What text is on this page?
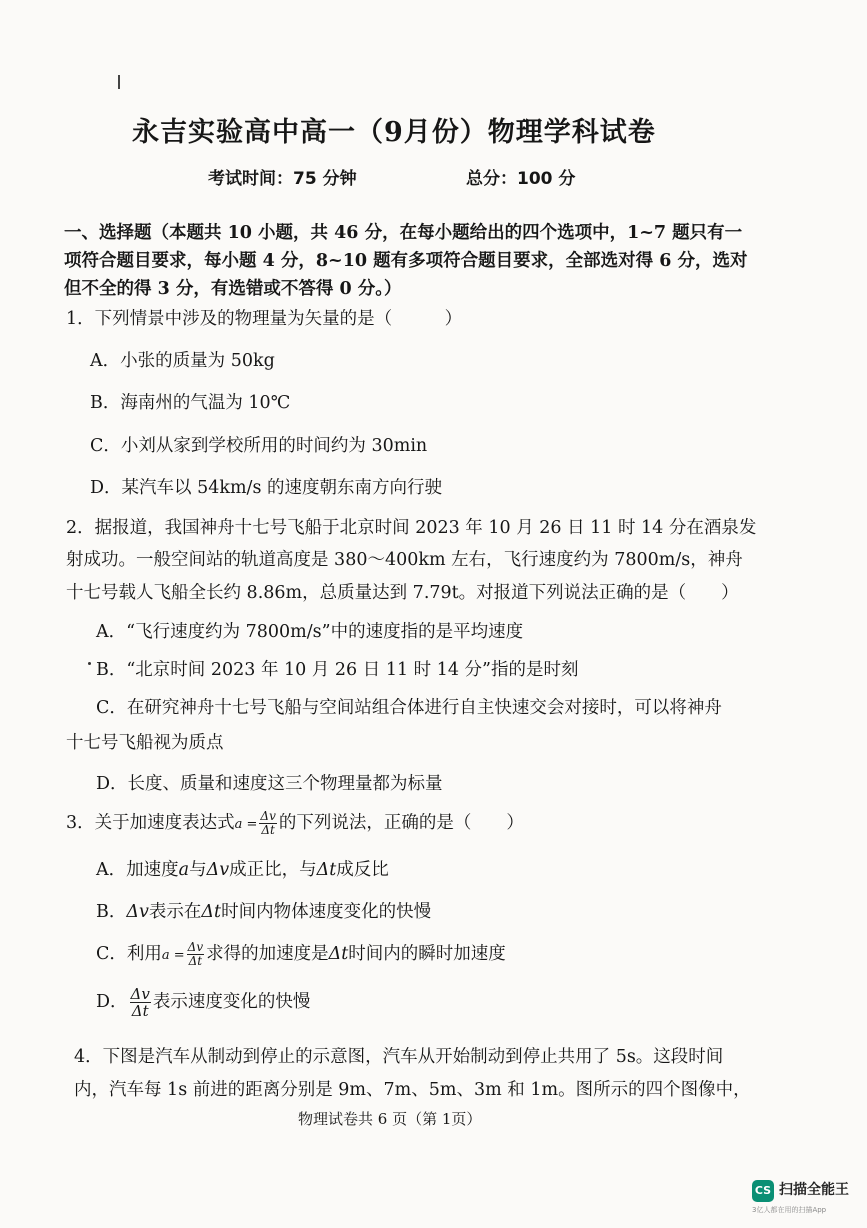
永吉实验高中高一（9月份）物理学科试卷
考试时间：75 分钟	总分：100 分
一、选择题（本题共 10 小题，共 46 分，在每小题给出的四个选项中，1~7 题只有一
项符合题目要求，每小题 4 分，8~10 题有多项符合题目要求，全部选对得 6 分，选对
但不全的得 3 分，有选错或不答得 0 分。）
1．下列情景中涉及的物理量为矢量的是（　　　）
A．小张的质量为 50kg
B．海南州的气温为 10℃
C．小刘从家到学校所用的时间约为 30min
D．某汽车以 54km/s 的速度朝东南方向行驶
2．据报道，我国神舟十七号飞船于北京时间 2023 年 10 月 26 日 11 时 14 分在酒泉发
射成功。一般空间站的轨道高度是 380～400km 左右，飞行速度约为 7800m/s，神舟
十七号载人飞船全长约 8.86m，总质量达到 7.79t。对报道下列说法正确的是（　　）
A．“飞行速度约为 7800m/s”中的速度指的是平均速度
B．“北京时间 2023 年 10 月 26 日 11 时 14 分”指的是时刻
C．在研究神舟十七号飞船与空间站组合体进行自主快速交会对接时，可以将神舟
十七号飞船视为质点
D．长度、质量和速度这三个物理量都为标量
3．关于加速度表达式$a = \frac{\Delta v}{\Delta t}$ 的下列说法，正确的是（　　）
A．加速度a与Δv成正比，与Δt成反比
B．Δv表示在Δt时间内物体速度变化的快慢
C．利用$a = \frac{\Delta v}{\Delta t}$ 求得的加速度是Δt时间内的瞬时加速度
D． $\frac{\Delta v}{\Delta t}$ 表示速度变化的快慢
4．下图是汽车从制动到停止的示意图，汽车从开始制动到停止共用了 5s。这段时间
内，汽车每 1s 前进的距离分别是 9m、7m、5m、3m 和 1m。图所示的四个图像中，
物理试卷共 6 页（第 1页）
CS 扫描全能王
3亿人都在用的扫描App
